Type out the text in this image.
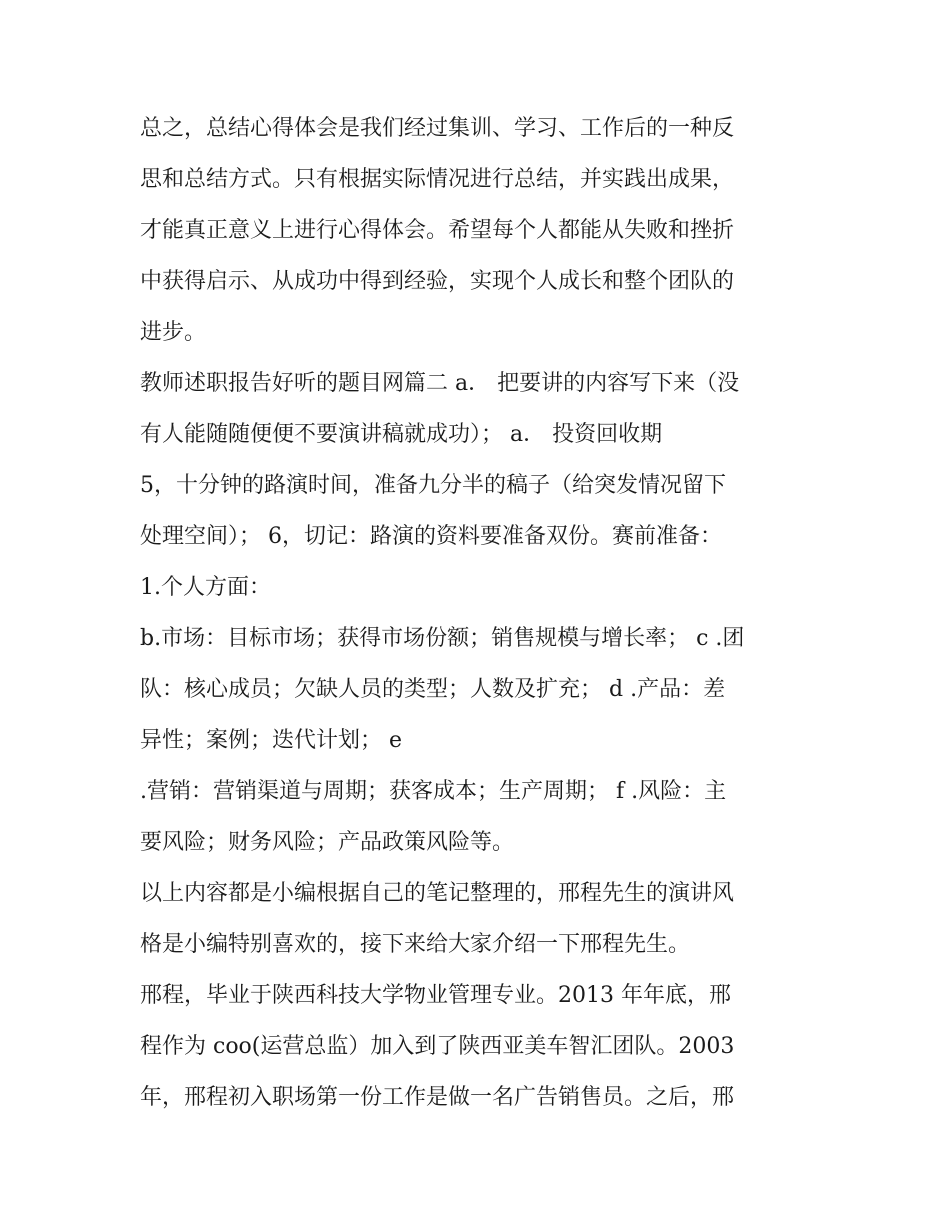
总之，总结心得体会是我们经过集训、学习、工作后的一种反
思和总结方式。只有根据实际情况进行总结，并实践出成果，
才能真正意义上进行心得体会。希望每个人都能从失败和挫折
中获得启示、从成功中得到经验，实现个人成长和整个团队的
进步。
教师述职报告好听的题目网篇二 a． 把要讲的内容写下来（没
有人能随随便便不要演讲稿就成功）； a． 投资回收期
5，十分钟的路演时间，准备九分半的稿子（给突发情况留下
处理空间）； 6，切记：路演的资料要准备双份。赛前准备：
1.个人方面：
b.市场：目标市场；获得市场份额；销售规模与增长率； c .团
队：核心成员；欠缺人员的类型；人数及扩充； d .产品：差
异性；案例；迭代计划； e
.营销：营销渠道与周期；获客成本；生产周期； f .风险：主
要风险；财务风险；产品政策风险等。
以上内容都是小编根据自己的笔记整理的，邢程先生的演讲风
格是小编特别喜欢的，接下来给大家介绍一下邢程先生。
邢程，毕业于陕西科技大学物业管理专业。2013 年年底，邢
程作为 coo(运营总监）加入到了陕西亚美车智汇团队。2003
年，邢程初入职场第一份工作是做一名广告销售员。之后，邢
